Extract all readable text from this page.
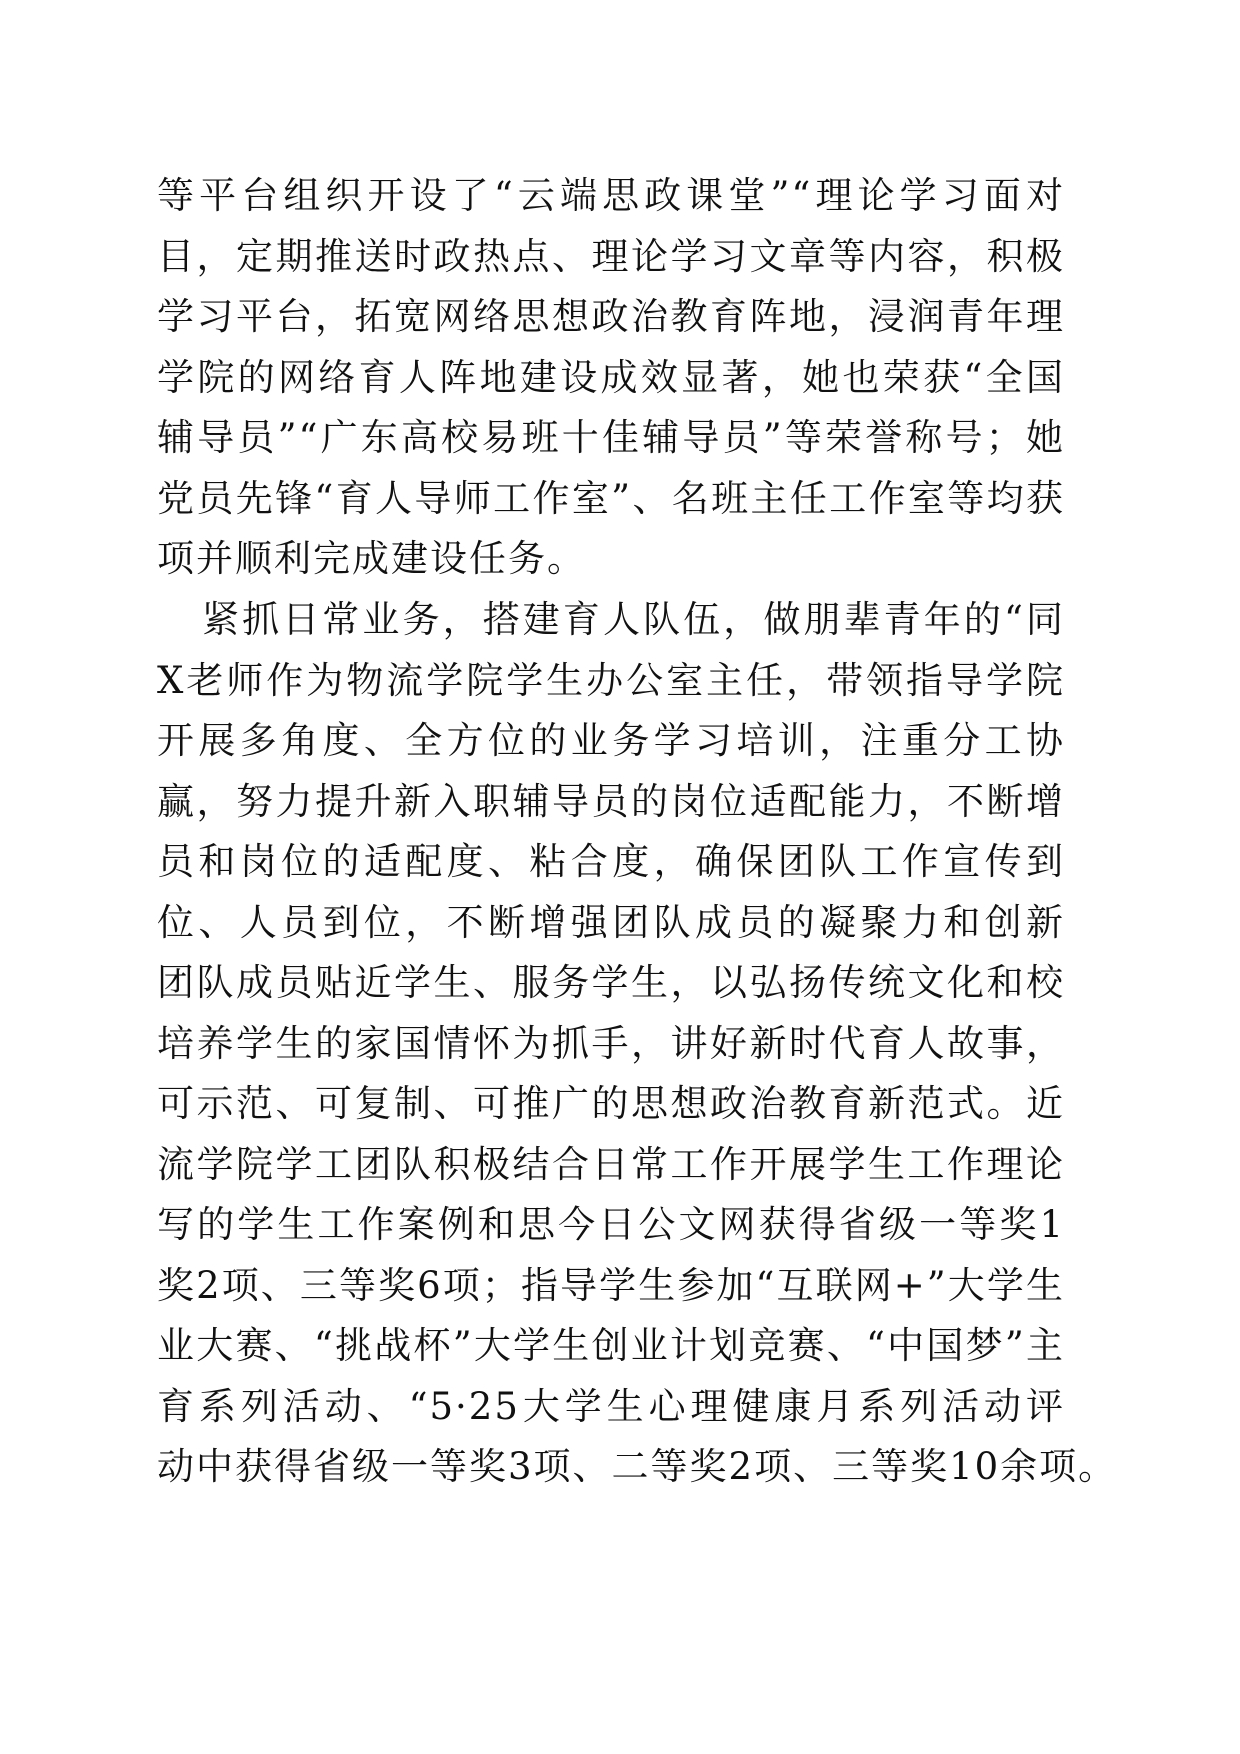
等平台组织开设了“云端思政课堂”“理论学习面对
目，定期推送时政热点、理论学习文章等内容，积极
学习平台，拓宽网络思想政治教育阵地，浸润青年理
学院的网络育人阵地建设成效显著，她也荣获“全国
辅导员”“广东高校易班十佳辅导员”等荣誉称号；她
党员先锋“育人导师工作室”、名班主任工作室等均获
项并顺利完成建设任务。
紧抓日常业务，搭建育人队伍，做朋辈青年的“同
X老师作为物流学院学生办公室主任，带领指导学院
开展多角度、全方位的业务学习培训，注重分工协
赢，努力提升新入职辅导员的岗位适配能力，不断增
员和岗位的适配度、粘合度，确保团队工作宣传到
位、人员到位，不断增强团队成员的凝聚力和创新
团队成员贴近学生、服务学生，以弘扬传统文化和校
培养学生的家国情怀为抓手，讲好新时代育人故事，
可示范、可复制、可推广的思想政治教育新范式。近
流学院学工团队积极结合日常工作开展学生工作理论
写的学生工作案例和思今日公文网获得省级一等奖1
奖2项、三等奖6项；指导学生参加“互联网+”大学生
业大赛、“挑战杯”大学生创业计划竞赛、“中国梦”主
育系列活动、“5·25大学生心理健康月系列活动评
动中获得省级一等奖3项、二等奖2项、三等奖10余项。
